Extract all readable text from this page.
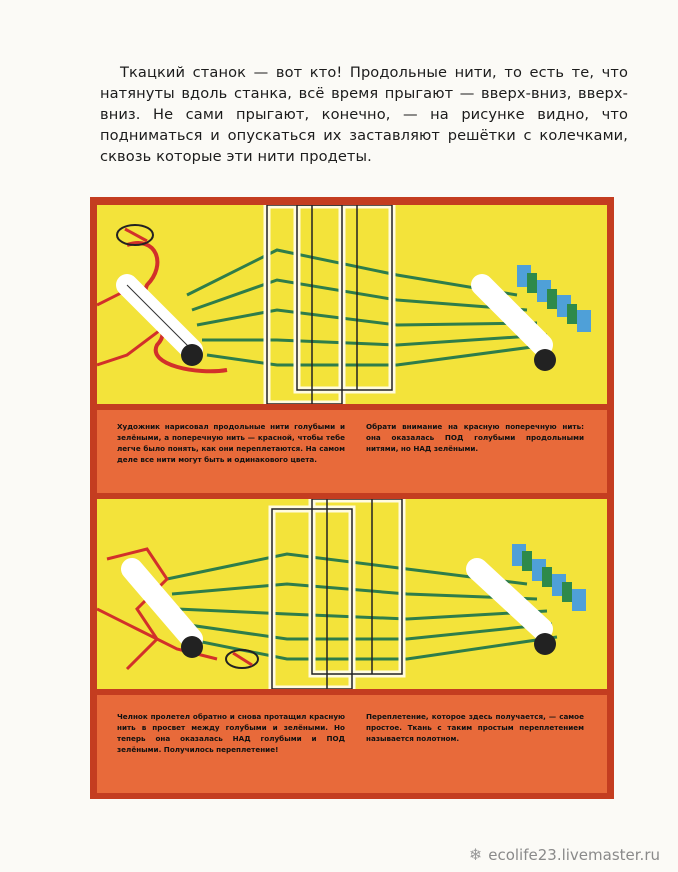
Ткацкий станок — вот кто! Продольные нити, то есть те, что натянуты вдоль станка, всё время прыгают — вверх-вниз, вверх-вниз. Не сами прыгают, конечно, — на рисунке видно, что подниматься и опускаться их заставляют решётки с колечками, сквозь которые эти нити продеты.
Художник нарисовал продольные нити голубыми и зелёными, а поперечную нить — красной, чтобы тебе легче было понять, как они переплетаются. На самом деле все нити могут быть и одинакового цвета.
Обрати внимание на красную поперечную нить: она оказалась ПОД голубыми продольными нитями, но НАД зелёными.
Челнок пролетел обратно и снова протащил красную нить в просвет между голубыми и зелёными. Но теперь она оказалась НАД голубыми и ПОД зелёными. Получилось переплетение!
Переплетение, которое здесь получается, — самое простое. Ткань с таким простым переплетением называется полотном.
❄ ecolife23.livemaster.ru
